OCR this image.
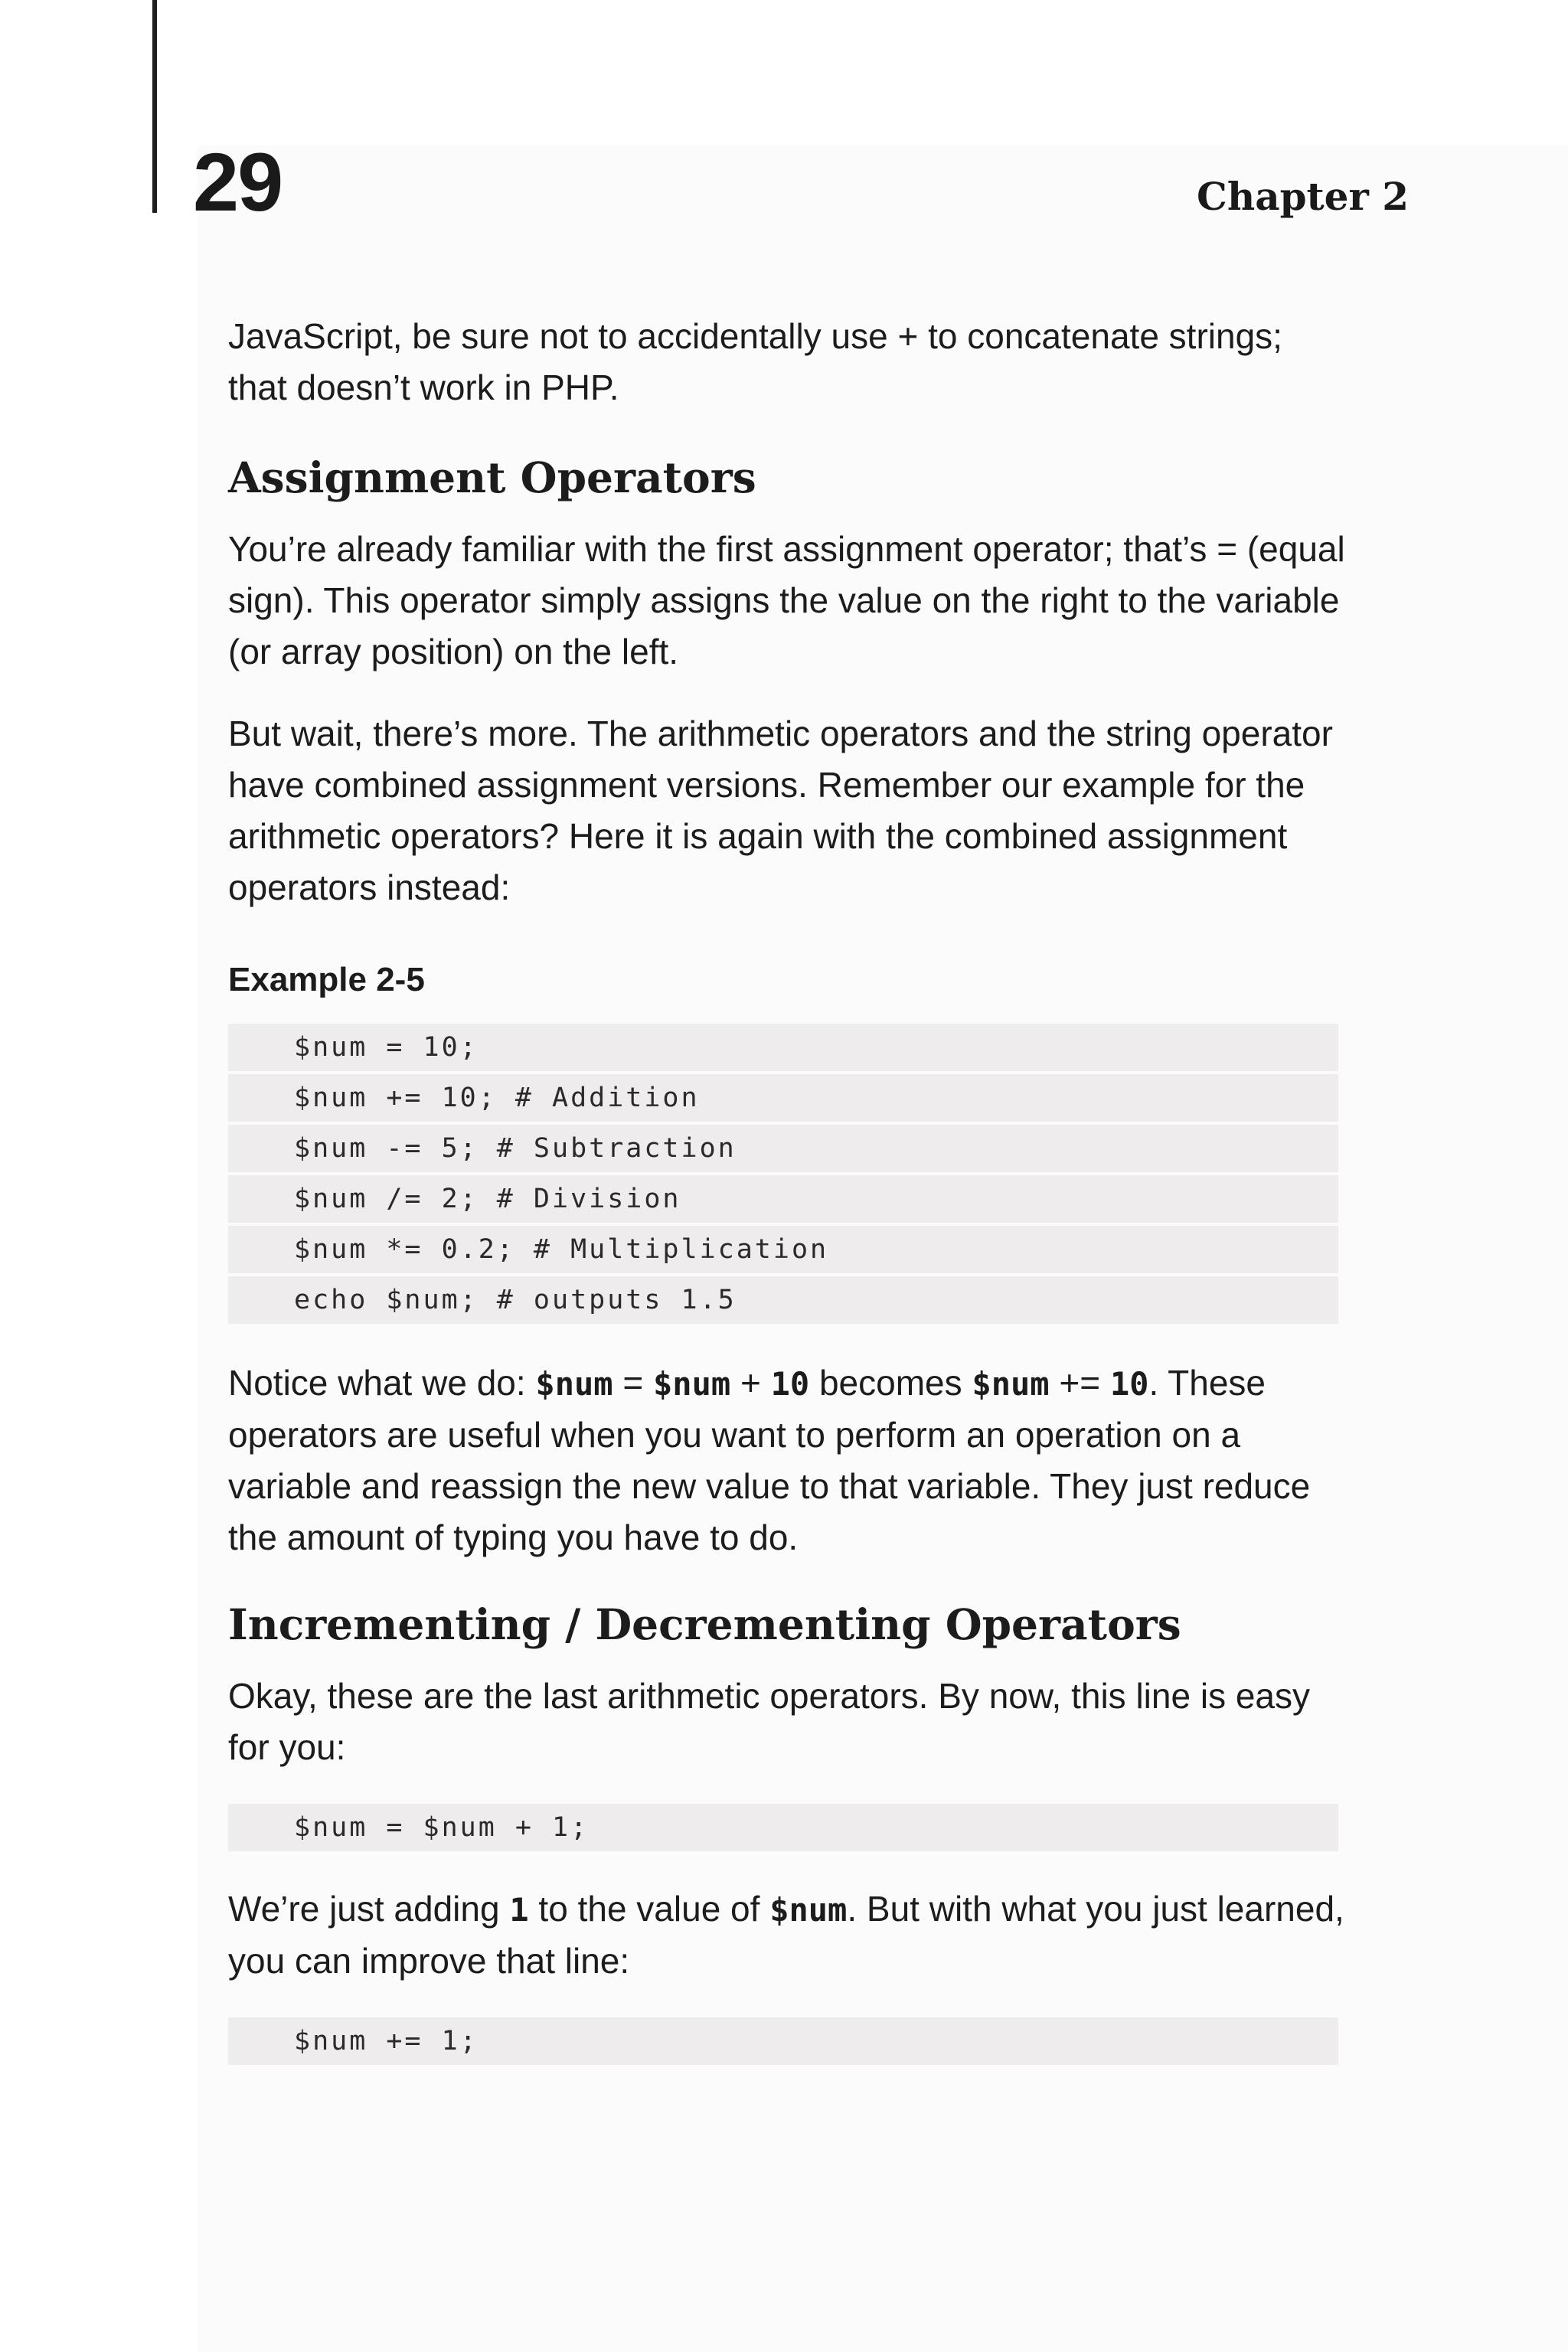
29	Chapter 2

JavaScript, be sure not to accidentally use + to concatenate strings; that doesn’t work in PHP.

Assignment Operators

You’re already familiar with the first assignment operator; that’s = (equal sign). This operator simply assigns the value on the right to the variable (or array position) on the left.

But wait, there’s more. The arithmetic operators and the string operator have combined assignment versions. Remember our example for the arithmetic operators? Here it is again with the combined assignment operators instead:

Example 2-5
$num = 10;
$num += 10; # Addition
$num -= 5; # Subtraction
$num /= 2; # Division
$num *= 0.2; # Multiplication
echo $num; # outputs 1.5

Notice what we do: $num = $num + 10 becomes $num += 10. These operators are useful when you want to perform an operation on a variable and reassign the new value to that variable. They just reduce the amount of typing you have to do.

Incrementing / Decrementing Operators

Okay, these are the last arithmetic operators. By now, this line is easy for you:

$num = $num + 1;

We’re just adding 1 to the value of $num. But with what you just learned, you can improve that line:

$num += 1;
